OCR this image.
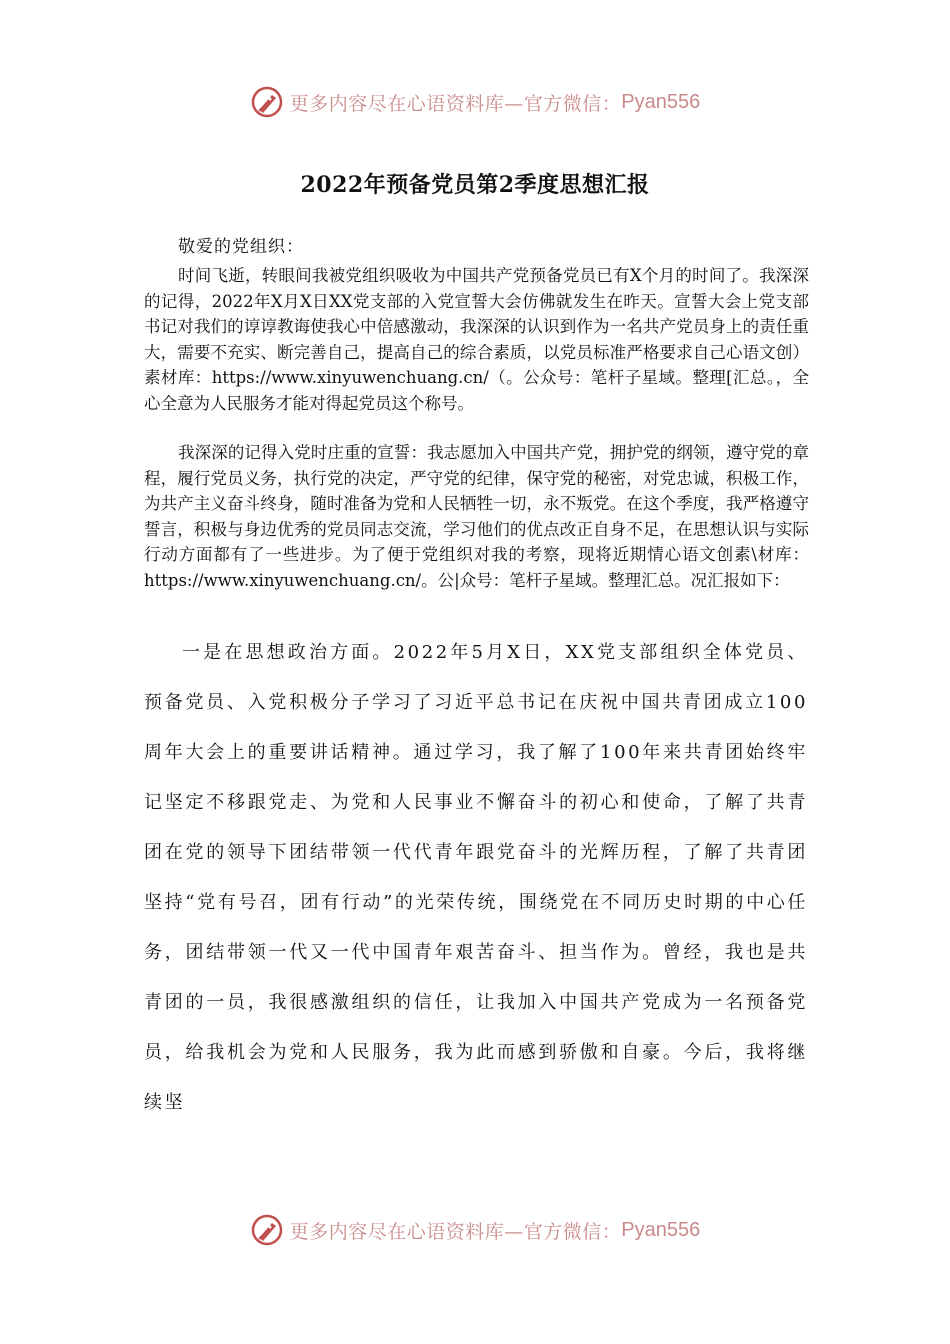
更多内容尽在心语资料库—官方微信： Pyan556
2022年预备党员第2季度思想汇报
敬爱的党组织：

时间飞逝，转眼间我被党组织吸收为中国共产党预备党员已有X个月的时间了。我深深的记得，2022年X月X日XX党支部的入党宣誓大会仿佛就发生在昨天。宣誓大会上党支部书记对我们的谆谆教诲使我心中倍感激动，我深深的认识到作为一名共产党员身上的责任重大，需要不充实、断完善自己，提高自己的综合素质，以党员标准严格要求自己心语文创）素材库：https://www.xinyuwenchuang.cn/（。公众号：笔杆子星域。整理[汇总。，全心全意为人民服务才能对得起党员这个称号。

我深深的记得入党时庄重的宣誓：我志愿加入中国共产党，拥护党的纲领，遵守党的章程，履行党员义务，执行党的决定，严守党的纪律，保守党的秘密，对党忠诚，积极工作，为共产主义奋斗终身，随时准备为党和人民牺牲一切，永不叛党。在这个季度，我严格遵守誓言，积极与身边优秀的党员同志交流，学习他们的优点改正自身不足，在思想认识与实际行动方面都有了一些进步。为了便于党组织对我的考察，现将近期情心语文创素\材库：https://www.xinyuwenchuang.cn/。公|众号：笔杆子星域。整理汇总。况汇报如下：

一是在思想政治方面。2022年5月X日，XX党支部组织全体党员、预备党员、入党积极分子学习了习近平总书记在庆祝中国共青团成立100周年大会上的重要讲话精神。通过学习，我了解了100年来共青团始终牢记坚定不移跟党走、为党和人民事业不懈奋斗的初心和使命，了解了共青团在党的领导下团结带领一代代青年跟党奋斗的光辉历程，了解了共青团坚持“党有号召，团有行动”的光荣传统，围绕党在不同历史时期的中心任务，团结带领一代又一代中国青年艰苦奋斗、担当作为。曾经，我也是共青团的一员，我很感激组织的信任，让我加入中国共产党成为一名预备党员，给我机会为党和人民服务，我为此而感到骄傲和自豪。今后，我将继续坚

更多内容尽在心语资料库—官方微信： Pyan556
